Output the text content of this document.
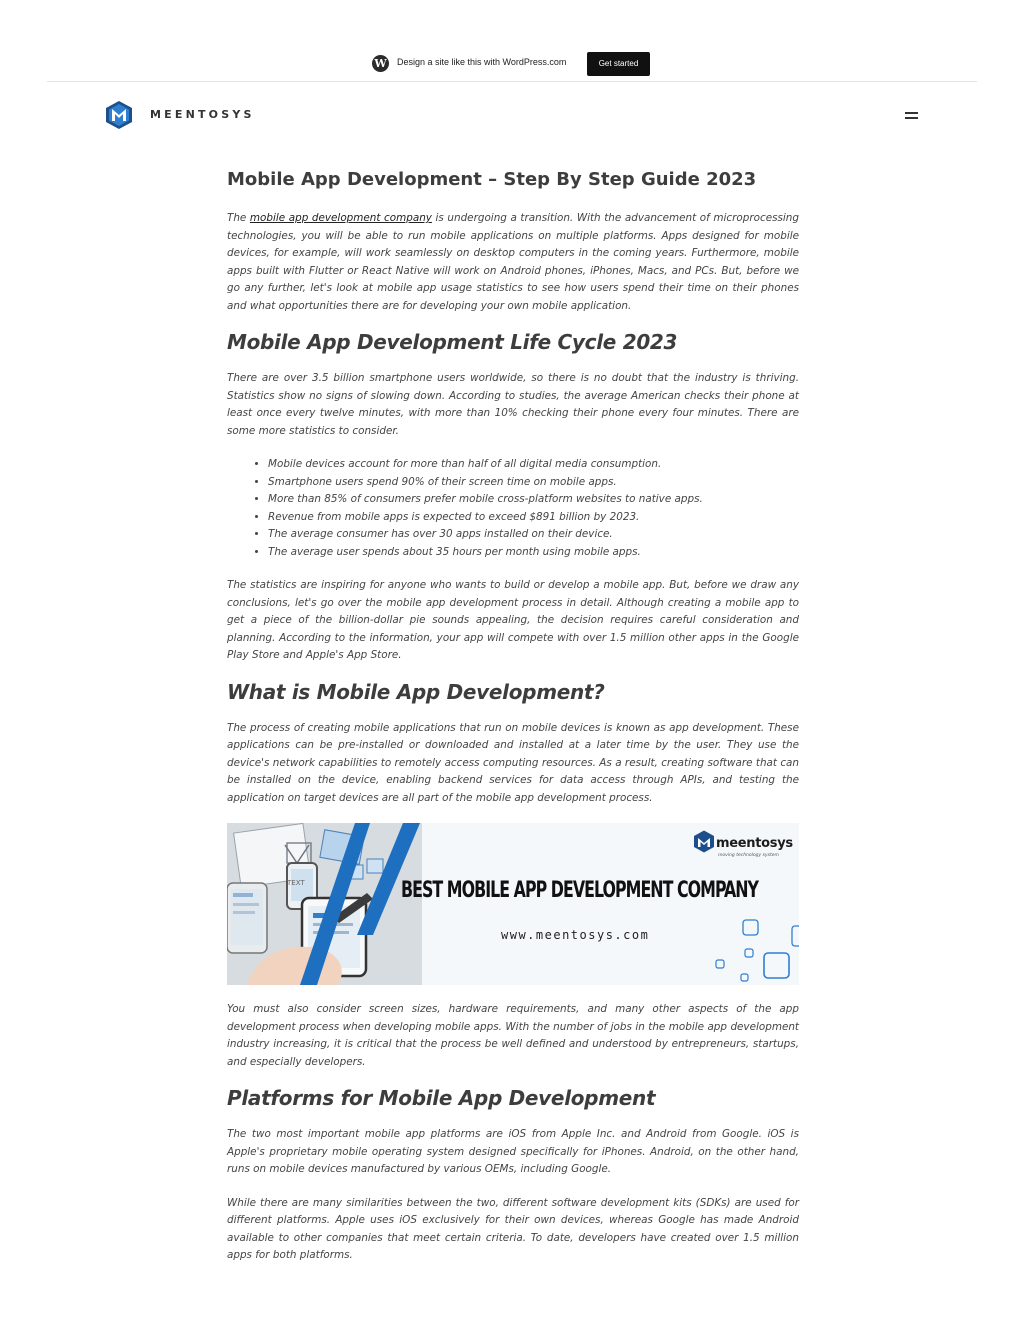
W Design a site like this with WordPress.com	Get started
MEENTOSYS
Mobile App Development – Step By Step Guide 2023

The mobile app development company is undergoing a transition. With the advancement of microprocessing technologies, you will be able to run mobile applications on multiple platforms. Apps designed for mobile devices, for example, will work seamlessly on desktop computers in the coming years. Furthermore, mobile apps built with Flutter or React Native will work on Android phones, iPhones, Macs, and PCs. But, before we go any further, let's look at mobile app usage statistics to see how users spend their time on their phones and what opportunities there are for developing your own mobile application.

Mobile App Development Life Cycle 2023

There are over 3.5 billion smartphone users worldwide, so there is no doubt that the industry is thriving. Statistics show no signs of slowing down. According to studies, the average American checks their phone at least once every twelve minutes, with more than 10% checking their phone every four minutes. There are some more statistics to consider.

• Mobile devices account for more than half of all digital media consumption.
• Smartphone users spend 90% of their screen time on mobile apps.
• More than 85% of consumers prefer mobile cross-platform websites to native apps.
• Revenue from mobile apps is expected to exceed $891 billion by 2023.
• The average consumer has over 30 apps installed on their device.
• The average user spends about 35 hours per month using mobile apps.

The statistics are inspiring for anyone who wants to build or develop a mobile app. But, before we draw any conclusions, let's go over the mobile app development process in detail. Although creating a mobile app to get a piece of the billion-dollar pie sounds appealing, the decision requires careful consideration and planning. According to the information, your app will compete with over 1.5 million other apps in the Google Play Store and Apple's App Store.

What is Mobile App Development?

The process of creating mobile applications that run on mobile devices is known as app development. These applications can be pre-installed or downloaded and installed at a later time by the user. They use the device's network capabilities to remotely access computing resources. As a result, creating software that can be installed on the device, enabling backend services for data access through APIs, and testing the application on target devices are all part of the mobile app development process.

TEXT
meentosys
moving technology system
BEST MOBILE APP DEVELOPMENT COMPANY
www.meentosys.com

You must also consider screen sizes, hardware requirements, and many other aspects of the app development process when developing mobile apps. With the number of jobs in the mobile app development industry increasing, it is critical that the process be well defined and understood by entrepreneurs, startups, and especially developers.

Platforms for Mobile App Development

The two most important mobile app platforms are iOS from Apple Inc. and Android from Google. iOS is Apple's proprietary mobile operating system designed specifically for iPhones. Android, on the other hand, runs on mobile devices manufactured by various OEMs, including Google.

While there are many similarities between the two, different software development kits (SDKs) are used for different platforms. Apple uses iOS exclusively for their own devices, whereas Google has made Android available to other companies that meet certain criteria. To date, developers have created over 1.5 million apps for both platforms.
